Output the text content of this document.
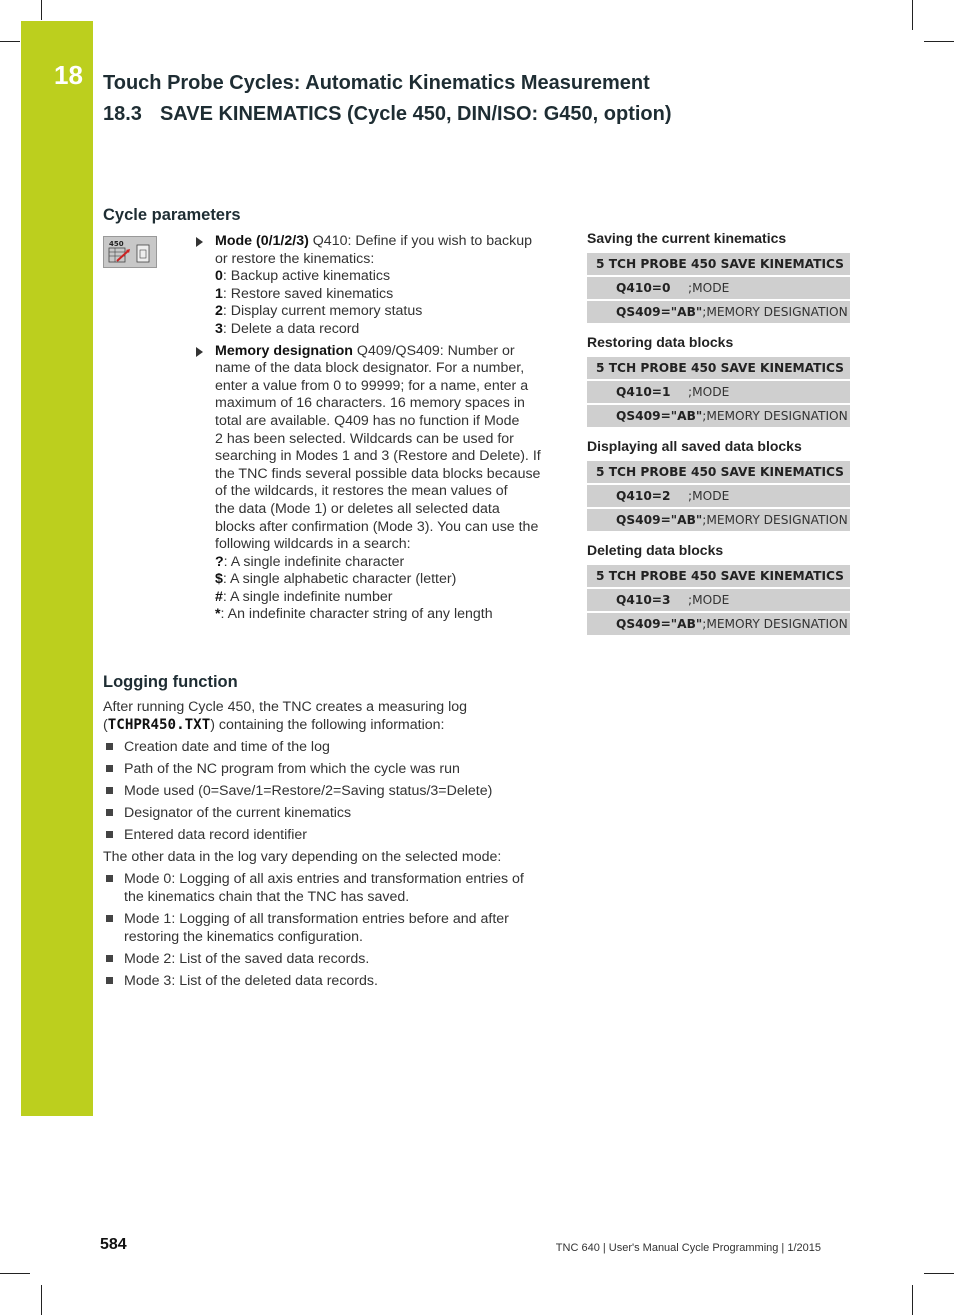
18 Touch Probe Cycles: Automatic Kinematics Measurement
18.3 SAVE KINEMATICS (Cycle 450, DIN/ISO: G450, option)
Cycle parameters
450	Mode (0/1/2/3) Q410: Define if you wish to backup
or restore the kinematics:
0: Backup active kinematics
1: Restore saved kinematics
2: Display current memory status
3: Delete a data record
Memory designation Q409/QS409: Number or
name of the data block designator. For a number,
enter a value from 0 to 99999; for a name, enter a
maximum of 16 characters. 16 memory spaces in
total are available. Q409 has no function if Mode
2 has been selected. Wildcards can be used for
searching in Modes 1 and 3 (Restore and Delete). If
the TNC finds several possible data blocks because
of the wildcards, it restores the mean values of
the data (Mode 1) or deletes all selected data
blocks after confirmation (Mode 3). You can use the
following wildcards in a search:
?: A single indefinite character
$: A single alphabetic character (letter)
#: A single indefinite number
*: An indefinite character string of any length
Saving the current kinematics
5 TCH PROBE 450 SAVE KINEMATICS
Q410=0 ;MODE
QS409="AB";MEMORY DESIGNATION
Restoring data blocks
5 TCH PROBE 450 SAVE KINEMATICS
Q410=1 ;MODE
QS409="AB";MEMORY DESIGNATION
Displaying all saved data blocks
5 TCH PROBE 450 SAVE KINEMATICS
Q410=2 ;MODE
QS409="AB";MEMORY DESIGNATION
Deleting data blocks
5 TCH PROBE 450 SAVE KINEMATICS
Q410=3 ;MODE
QS409="AB";MEMORY DESIGNATION
Logging function

After running Cycle 450, the TNC creates a measuring log (TCHPR450.TXT) containing the following information:

Creation date and time of the log
Path of the NC program from which the cycle was run
Mode used (0=Save/1=Restore/2=Saving status/3=Delete)
Designator of the current kinematics
Entered data record identifier

The other data in the log vary depending on the selected mode:

Mode 0: Logging of all axis entries and transformation entries of the kinematics chain that the TNC has saved.
Mode 1: Logging of all transformation entries before and after restoring the kinematics configuration.
Mode 2: List of the saved data records.
Mode 3: List of the deleted data records.
584	TNC 640 | User's Manual Cycle Programming | 1/2015
